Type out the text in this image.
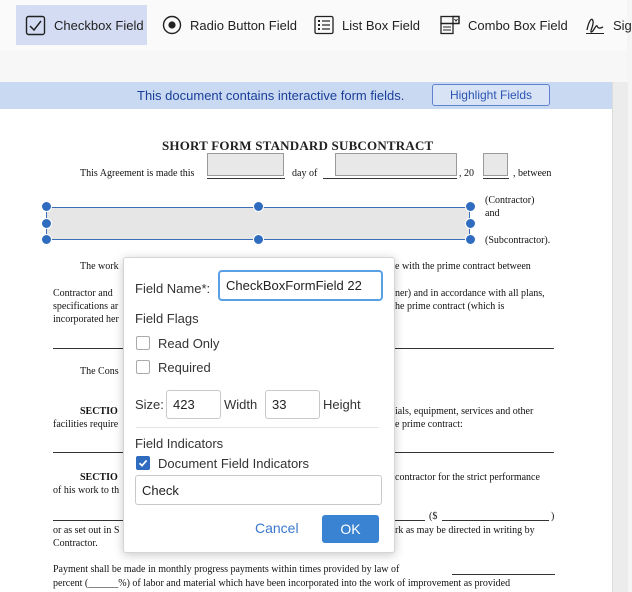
Checkbox Field	Radio Button Field	List Box Field	Combo Box Field	Sig
This document contains interactive form fields.	Highlight Fields
SHORT FORM STANDARD SUBCONTRACT
This Agreement is made this	day of	, 20	, between
(Contractor)
and
(Subcontractor).
The work	e with the prime contract between
Contractor and	ner) and in accordance with all plans,
specifications ar	he prime contract (which is
incorporated her
The Cons
SECTIO	ials, equipment, services and other
facilities require	e prime contract:
SECTIO	contractor for the strict performance
of his work to th
($	)
or as set out in S	rk as may be directed in writing by
Contractor.
Payment shall be made in monthly progress payments within times provided by law of
percent (______%) of labor and material which have been incorporated into the work of improvement as provided
Field Name*:
CheckBoxFormField 22
Field Flags
Read Only
Required
Size:
423	Width
33	Height
Field Indicators
Document Field Indicators
Check
Cancel	OK
